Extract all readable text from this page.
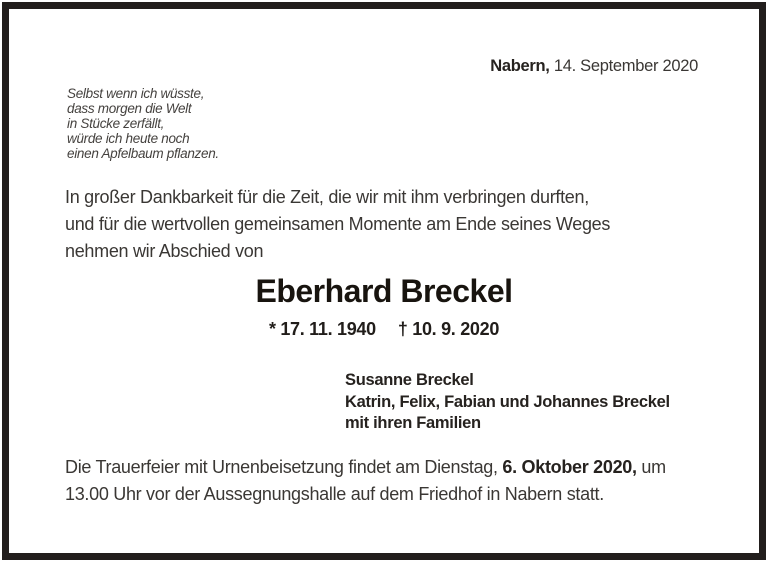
Nabern, 14. September 2020
Selbst wenn ich wüsste,
dass morgen die Welt
in Stücke zerfällt,
würde ich heute noch
einen Apfelbaum pflanzen.
In großer Dankbarkeit für die Zeit, die wir mit ihm verbringen durften,
und für die wertvollen gemeinsamen Momente am Ende seines Weges
nehmen wir Abschied von
Eberhard Breckel
* 17. 11. 1940 † 10. 9. 2020
Susanne Breckel
Katrin, Felix, Fabian und Johannes Breckel
mit ihren Familien
Die Trauerfeier mit Urnenbeisetzung findet am Dienstag, 6. Oktober 2020, um
13.00 Uhr vor der Aussegnungshalle auf dem Friedhof in Nabern statt.
